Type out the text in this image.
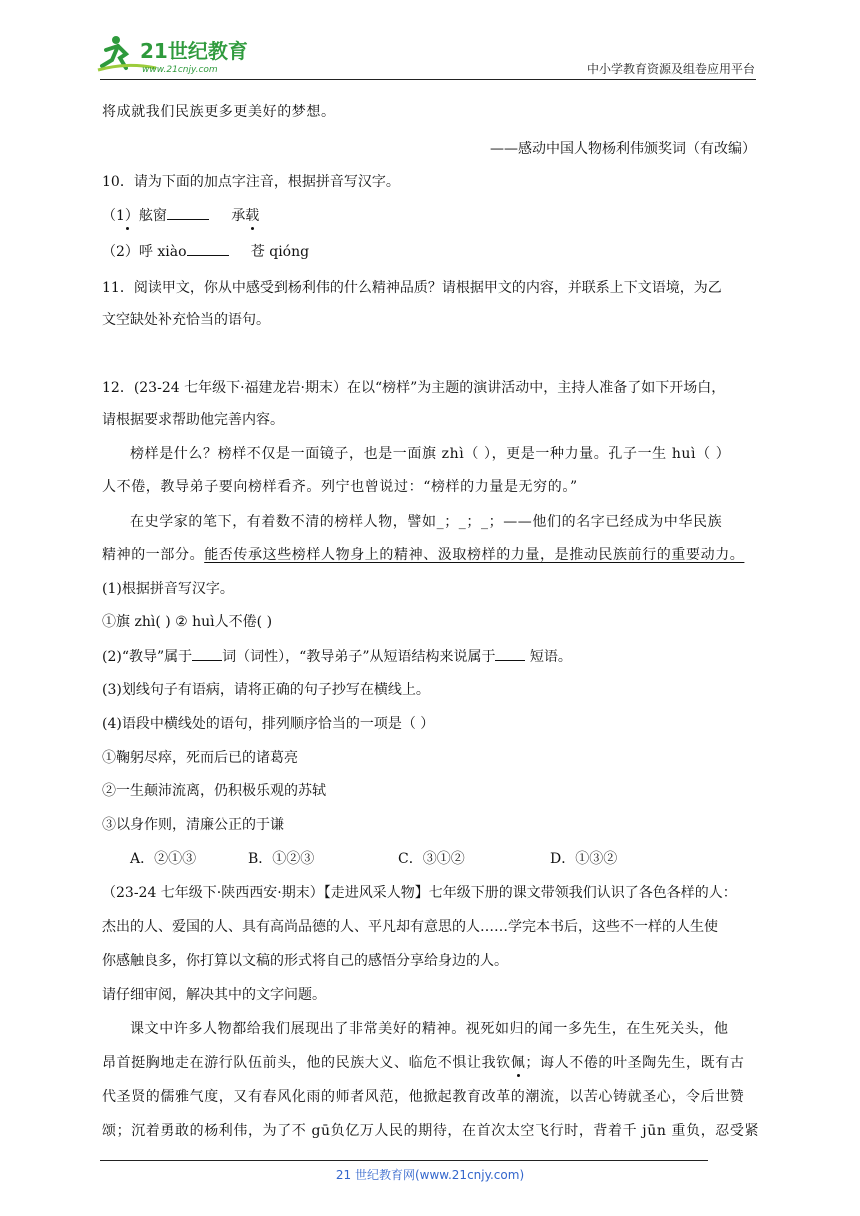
21世纪教育
www.21cnjy.com	中小学教育资源及组卷应用平台
将成就我们民族更多更美好的梦想。
——感动中国人物杨利伟颁奖词（有改编）
10．请为下面的加点字注音，根据拼音写汉字。
（1）舷窗	承载
（2）呼 xiào	苍 qióng
11．阅读甲文，你从中感受到杨利伟的什么精神品质？请根据甲文的内容，并联系上下文语境，为乙
文空缺处补充恰当的语句。
12．(23-24 七年级下·福建龙岩·期末）在以“榜样”为主题的演讲活动中，主持人准备了如下开场白，
请根据要求帮助他完善内容。
榜样是什么？榜样不仅是一面镜子，也是一面旗 zhì（ ），更是一种力量。孔子一生 huì（ ）
人不倦，教导弟子要向榜样看齐。列宁也曾说过：“榜样的力量是无穷的。”
在史学家的笔下，有着数不清的榜样人物，譬如_；_；_；——他们的名字已经成为中华民族
精神的一部分。能否传承这些榜样人物身上的精神、汲取榜样的力量，是推动民族前行的重要动力。
(1)根据拼音写汉字。
①旗 zhì( ) ② huì人不倦( )
(2)“教导”属于 词（词性），“教导弟子”从短语结构来说属于 短语。
(3)划线句子有语病，请将正确的句子抄写在横线上。
(4)语段中横线处的语句，排列顺序恰当的一项是（ ）
①鞠躬尽瘁，死而后已的诸葛亮
②一生颠沛流离，仍积极乐观的苏轼
③以身作则，清廉公正的于谦
A．②①③	B．①②③	C．③①②	D．①③②
（23-24 七年级下·陕西西安·期末）【走进风采人物】七年级下册的课文带领我们认识了各色各样的人：
杰出的人、爱国的人、具有高尚品德的人、平凡却有意思的人……学完本书后，这些不一样的人生使
你感触良多，你打算以文稿的形式将自己的感悟分享给身边的人。
请仔细审阅，解决其中的文字问题。
课文中许多人物都给我们展现出了非常美好的精神。视死如归的闻一多先生，在生死关头，他
昂首挺胸地走在游行队伍前头，他的民族大义、临危不惧让我钦佩；诲人不倦的叶圣陶先生，既有古
代圣贤的儒雅气度，又有春风化雨的师者风范，他掀起教育改革的潮流，以苦心铸就圣心，令后世赞
颂；沉着勇敢的杨利伟，为了不 gū负亿万人民的期待，在首次太空飞行时，背着千 jūn 重负，忍受紧
21 世纪教育网(www.21cnjy.com)
